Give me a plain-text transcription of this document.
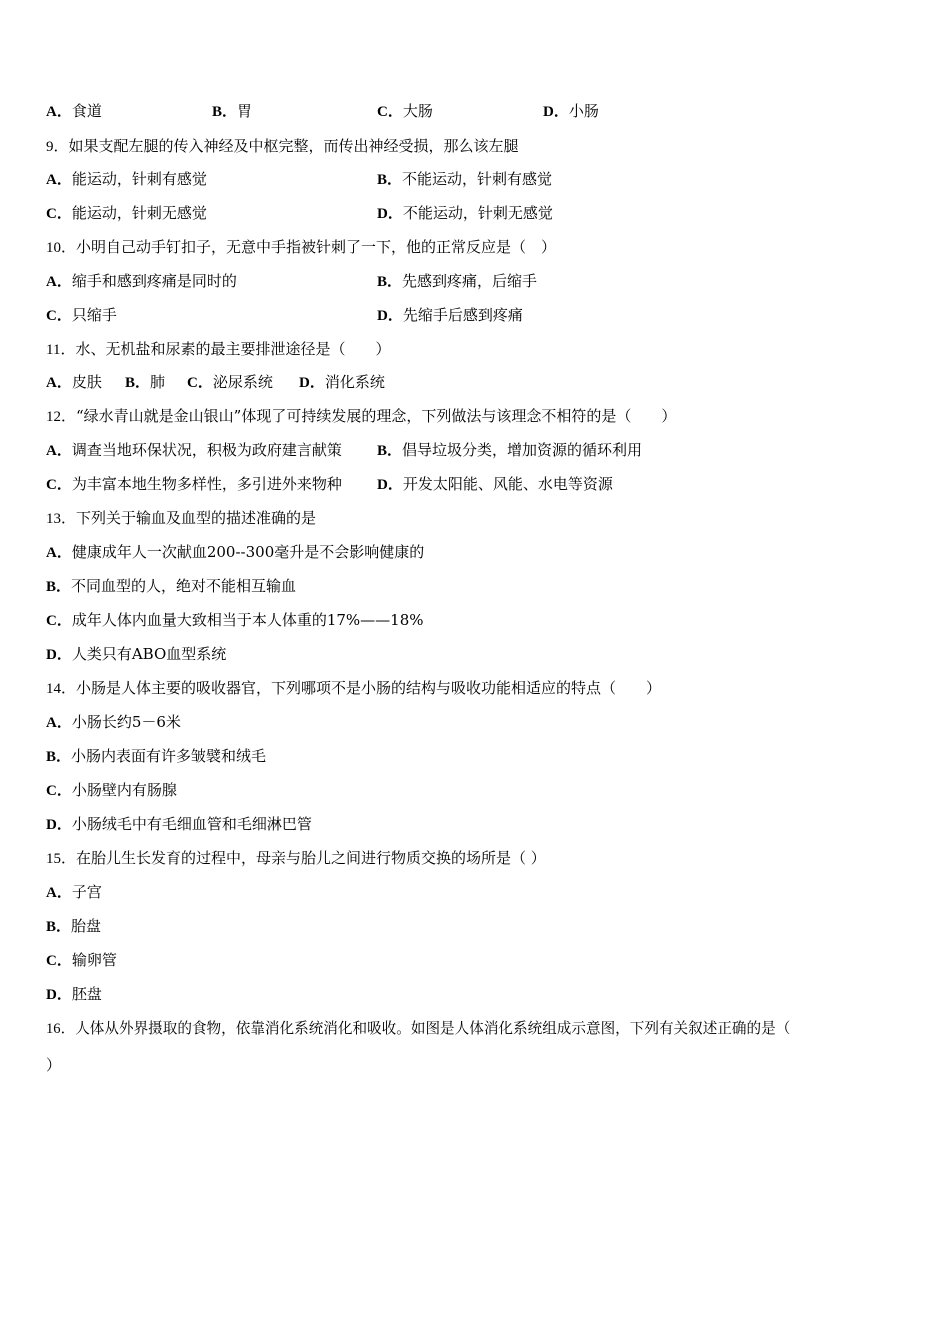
A．食道	B．胃	C．大肠	D．小肠
9．如果支配左腿的传入神经及中枢完整，而传出神经受损，那么该左腿
A．能运动，针刺有感觉	B．不能运动，针刺有感觉
C．能运动，针刺无感觉	D．不能运动，针刺无感觉
10．小明自己动手钉扣子，无意中手指被针刺了一下，他的正常反应是（　）
A．缩手和感到疼痛是同时的	B．先感到疼痛，后缩手
C．只缩手	D．先缩手后感到疼痛
11．水、无机盐和尿素的最主要排泄途径是（　　）
A．皮肤 B．肺 C．泌尿系统 D．消化系统
12．“绿水青山就是金山银山”体现了可持续发展的理念，下列做法与该理念不相符的是（　　）
A．调查当地环保状况，积极为政府建言献策 B．倡导垃圾分类，增加资源的循环利用
C．为丰富本地生物多样性，多引进外来物种 D．开发太阳能、风能、水电等资源
13．下列关于输血及血型的描述准确的是
A．健康成年人一次献血200--300毫升是不会影响健康的
B．不同血型的人，绝对不能相互输血
C．成年人体内血量大致相当于本人体重的17%——18%
D．人类只有ABO血型系统
14．小肠是人体主要的吸收器官，下列哪项不是小肠的结构与吸收功能相适应的特点（　　）
A．小肠长约5－6米
B．小肠内表面有许多皱襞和绒毛
C．小肠壁内有肠腺
D．小肠绒毛中有毛细血管和毛细淋巴管
15．在胎儿生长发育的过程中，母亲与胎儿之间进行物质交换的场所是（ ）
A．子宫
B．胎盘
C．输卵管
D．胚盘
16．人体从外界摄取的食物，依靠消化系统消化和吸收。如图是人体消化系统组成示意图，下列有关叙述正确的是（
）
